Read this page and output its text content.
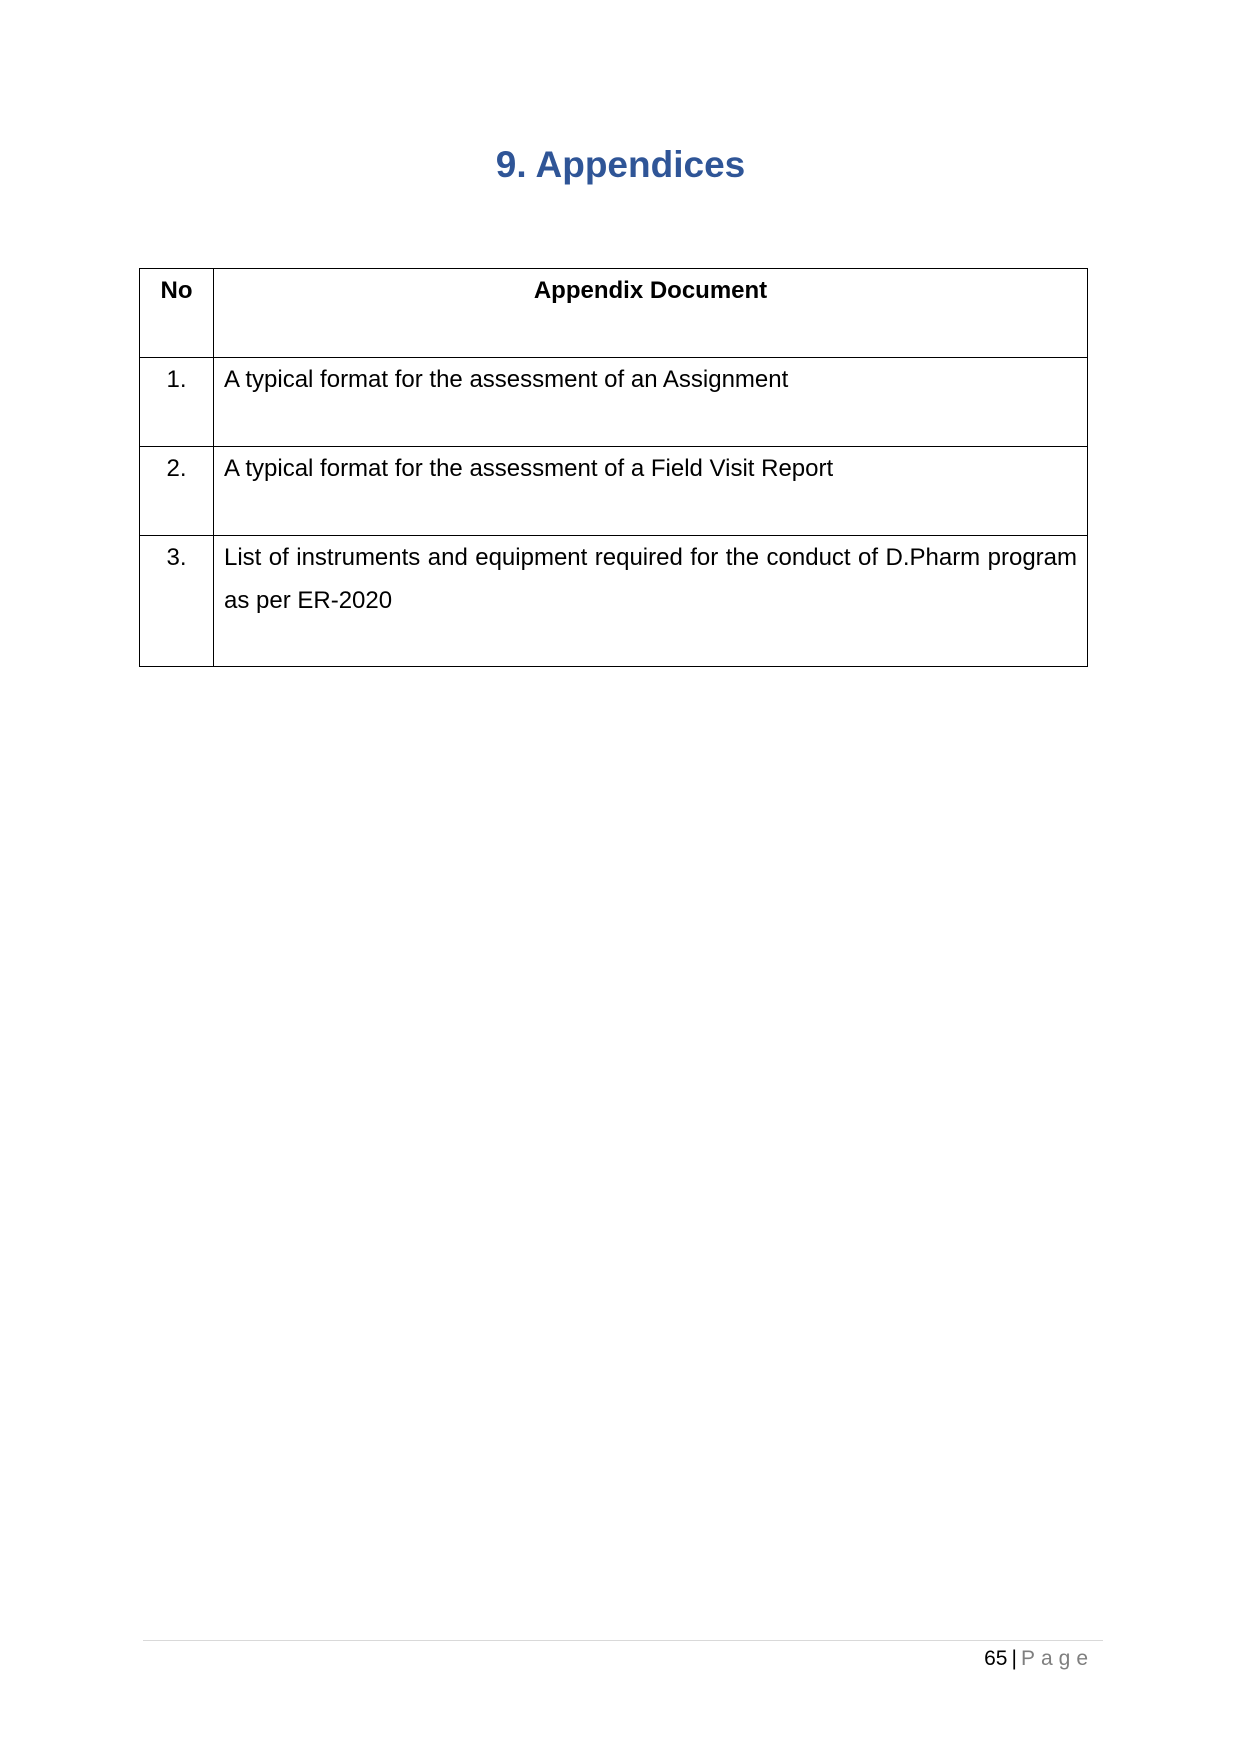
9. Appendices
No	Appendix Document
1.	A typical format for the assessment of an Assignment
2.	A typical format for the assessment of a Field Visit Report
3.	List of instruments and equipment required for the conduct of D.Pharm program as per ER-2020
65 | Page
